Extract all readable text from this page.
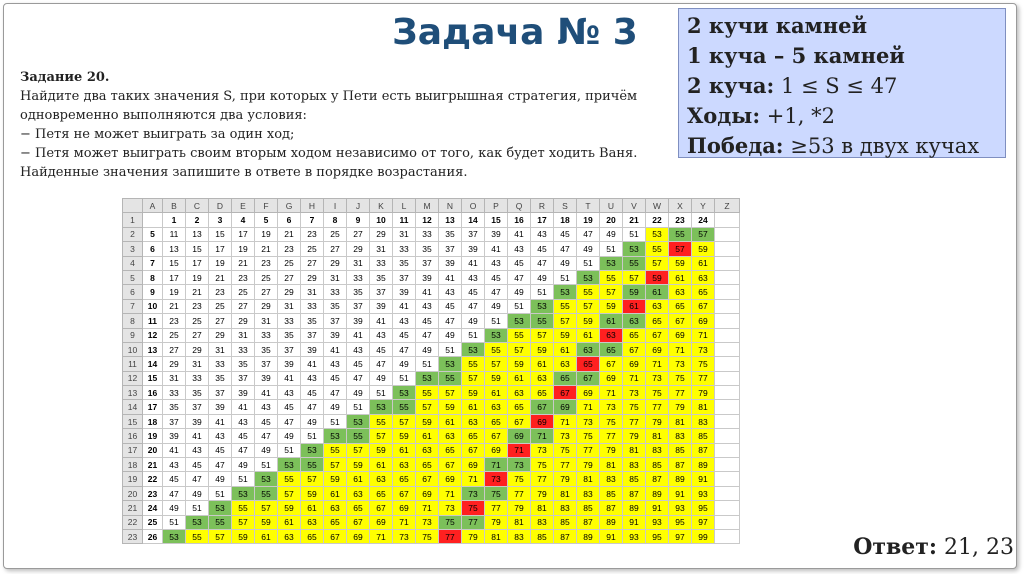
Задача № 3	2 кучи камней
1 куча – 5 камней
2 куча: 1 ≤ S ≤ 47
Ходы: +1, *2
Победа: ≥53 в двух кучах
Задание 20.
Найдите два таких значения S, при которых у Пети есть выигрышная стратегия, причём
одновременно выполняются два условия:
− Петя не может выиграть за один ход;
− Петя может выиграть своим вторым ходом независимо от того, как будет ходить Ваня.
Найденные значения запишите в ответе в порядке возрастания.
	A	B	C	D	E	F	G	H	I	J	K	L	M	N	O	P	Q	R	S	T	U	V	W	X	Y	Z
1		1	2	3	4	5	6	7	8	9	10	11	12	13	14	15	16	17	18	19	20	21	22	23	24	
2	5	11	13	15	17	19	21	23	25	27	29	31	33	35	37	39	41	43	45	47	49	51	53	55	57	
3	6	13	15	17	19	21	23	25	27	29	31	33	35	37	39	41	43	45	47	49	51	53	55	57	59	
4	7	15	17	19	21	23	25	27	29	31	33	35	37	39	41	43	45	47	49	51	53	55	57	59	61	
5	8	17	19	21	23	25	27	29	31	33	35	37	39	41	43	45	47	49	51	53	55	57	59	61	63	
6	9	19	21	23	25	27	29	31	33	35	37	39	41	43	45	47	49	51	53	55	57	59	61	63	65	
7	10	21	23	25	27	29	31	33	35	37	39	41	43	45	47	49	51	53	55	57	59	61	63	65	67	
8	11	23	25	27	29	31	33	35	37	39	41	43	45	47	49	51	53	55	57	59	61	63	65	67	69	
9	12	25	27	29	31	33	35	37	39	41	43	45	47	49	51	53	55	57	59	61	63	65	67	69	71	
10	13	27	29	31	33	35	37	39	41	43	45	47	49	51	53	55	57	59	61	63	65	67	69	71	73	
11	14	29	31	33	35	37	39	41	43	45	47	49	51	53	55	57	59	61	63	65	67	69	71	73	75	
12	15	31	33	35	37	39	41	43	45	47	49	51	53	55	57	59	61	63	65	67	69	71	73	75	77	
13	16	33	35	37	39	41	43	45	47	49	51	53	55	57	59	61	63	65	67	69	71	73	75	77	79	
14	17	35	37	39	41	43	45	47	49	51	53	55	57	59	61	63	65	67	69	71	73	75	77	79	81	
15	18	37	39	41	43	45	47	49	51	53	55	57	59	61	63	65	67	69	71	73	75	77	79	81	83	
16	19	39	41	43	45	47	49	51	53	55	57	59	61	63	65	67	69	71	73	75	77	79	81	83	85	
17	20	41	43	45	47	49	51	53	55	57	59	61	63	65	67	69	71	73	75	77	79	81	83	85	87	
18	21	43	45	47	49	51	53	55	57	59	61	63	65	67	69	71	73	75	77	79	81	83	85	87	89	
19	22	45	47	49	51	53	55	57	59	61	63	65	67	69	71	73	75	77	79	81	83	85	87	89	91	
20	23	47	49	51	53	55	57	59	61	63	65	67	69	71	73	75	77	79	81	83	85	87	89	91	93	
21	24	49	51	53	55	57	59	61	63	65	67	69	71	73	75	77	79	81	83	85	87	89	91	93	95	
22	25	51	53	55	57	59	61	63	65	67	69	71	73	75	77	79	81	83	85	87	89	91	93	95	97	
23	26	53	55	57	59	61	63	65	67	69	71	73	75	77	79	81	83	85	87	89	91	93	95	97	99		Ответ: 21, 23
